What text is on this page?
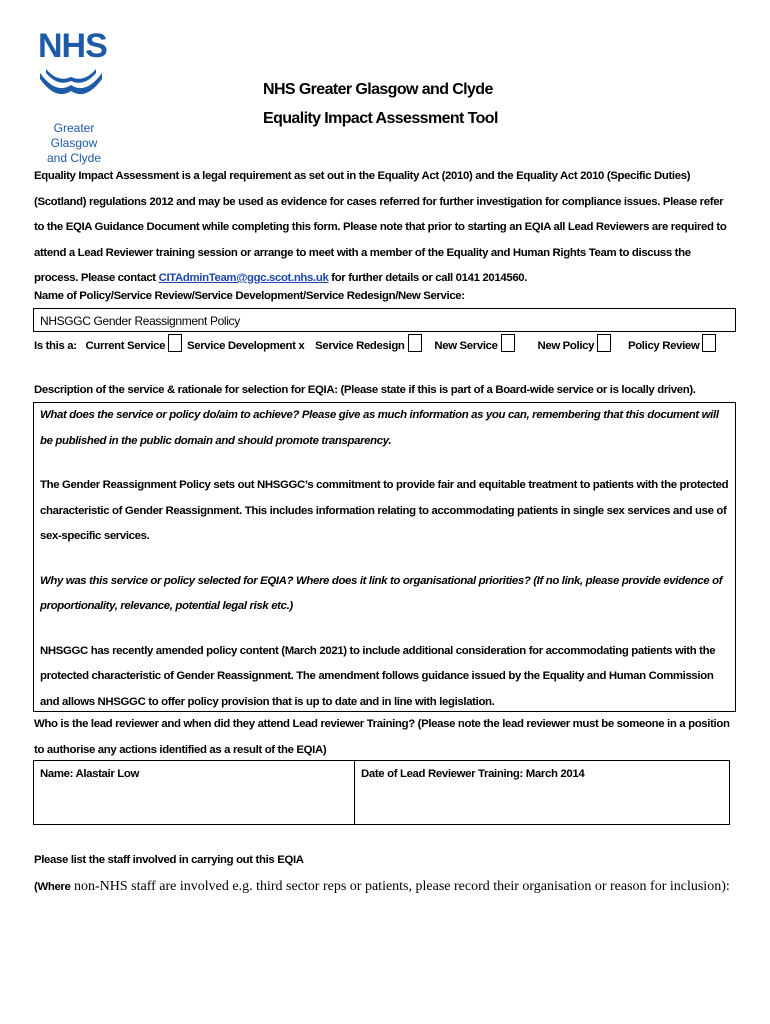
NHS
Greater Glasgow
and Clyde
NHS Greater Glasgow and Clyde
Equality Impact Assessment Tool
Equality Impact Assessment is a legal requirement as set out in the Equality Act (2010) and the Equality Act 2010 (Specific Duties)(Scotland) regulations 2012 and may be used as evidence for cases referred for further investigation for compliance issues. Please refer to the EQIA Guidance Document while completing this form. Please note that prior to starting an EQIA all Lead Reviewers are required to attend a Lead Reviewer training session or arrange to meet with a member of the Equality and Human Rights Team to discuss the process. Please contact CITAdminTeam@ggc.scot.nhs.uk for further details or call 0141 2014560.
Name of Policy/Service Review/Service Development/Service Redesign/New Service:
NHSGGC Gender Reassignment Policy
Is this a: Current Service Service Development x Service Redesign	New Service	New Policy	Policy Review
Description of the service & rationale for selection for EQIA: (Please state if this is part of a Board-wide service or is locally driven).
What does the service or policy do/aim to achieve? Please give as much information as you can, remembering that this document will be published in the public domain and should promote transparency.
The Gender Reassignment Policy sets out NHSGGC’s commitment to provide fair and equitable treatment to patients with the protected characteristic of Gender Reassignment. This includes information relating to accommodating patients in single sex services and use of sex-specific services.
Why was this service or policy selected for EQIA? Where does it link to organisational priorities? (If no link, please provide evidence of proportionality, relevance, potential legal risk etc.)
NHSGGC has recently amended policy content (March 2021) to include additional consideration for accommodating patients with the protected characteristic of Gender Reassignment. The amendment follows guidance issued by the Equality and Human Commission and allows NHSGGC to offer policy provision that is up to date and in line with legislation.
Who is the lead reviewer and when did they attend Lead reviewer Training? (Please note the lead reviewer must be someone in a position to authorise any actions identified as a result of the EQIA)
Name: Alastair Low	Date of Lead Reviewer Training: March 2014
Please list the staff involved in carrying out this EQIA
(Where non-NHS staff are involved e.g. third sector reps or patients, please record their organisation or reason for inclusion):
